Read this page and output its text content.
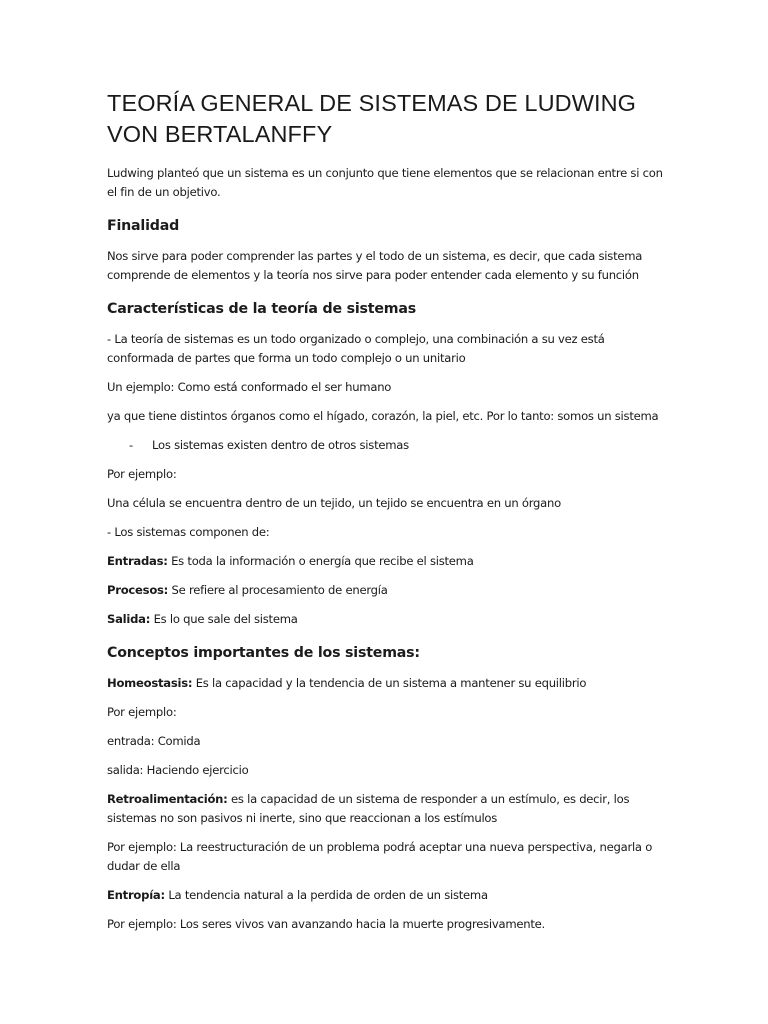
TEORÍA GENERAL DE SISTEMAS DE LUDWING VON BERTALANFFY

Ludwing planteó que un sistema es un conjunto que tiene elementos que se relacionan entre si con el fin de un objetivo.

Finalidad

Nos sirve para poder comprender las partes y el todo de un sistema, es decir, que cada sistema comprende de elementos y la teoría nos sirve para poder entender cada elemento y su función

Características de la teoría de sistemas

- La teoría de sistemas es un todo organizado o complejo, una combinación a su vez está conformada de partes que forma un todo complejo o un unitario

Un ejemplo: Como está conformado el ser humano

ya que tiene distintos órganos como el hígado, corazón, la piel, etc. Por lo tanto: somos un sistema

- Los sistemas existen dentro de otros sistemas

Por ejemplo:

Una célula se encuentra dentro de un tejido, un tejido se encuentra en un órgano

- Los sistemas componen de:

Entradas: Es toda la información o energía que recibe el sistema

Procesos: Se refiere al procesamiento de energía

Salida: Es lo que sale del sistema

Conceptos importantes de los sistemas:

Homeostasis: Es la capacidad y la tendencia de un sistema a mantener su equilibrio

Por ejemplo:

entrada: Comida

salida: Haciendo ejercicio

Retroalimentación: es la capacidad de un sistema de responder a un estímulo, es decir, los sistemas no son pasivos ni inerte, sino que reaccionan a los estímulos

Por ejemplo: La reestructuración de un problema podrá aceptar una nueva perspectiva, negarla o dudar de ella

Entropía: La tendencia natural a la perdida de orden de un sistema

Por ejemplo: Los seres vivos van avanzando hacia la muerte progresivamente.
